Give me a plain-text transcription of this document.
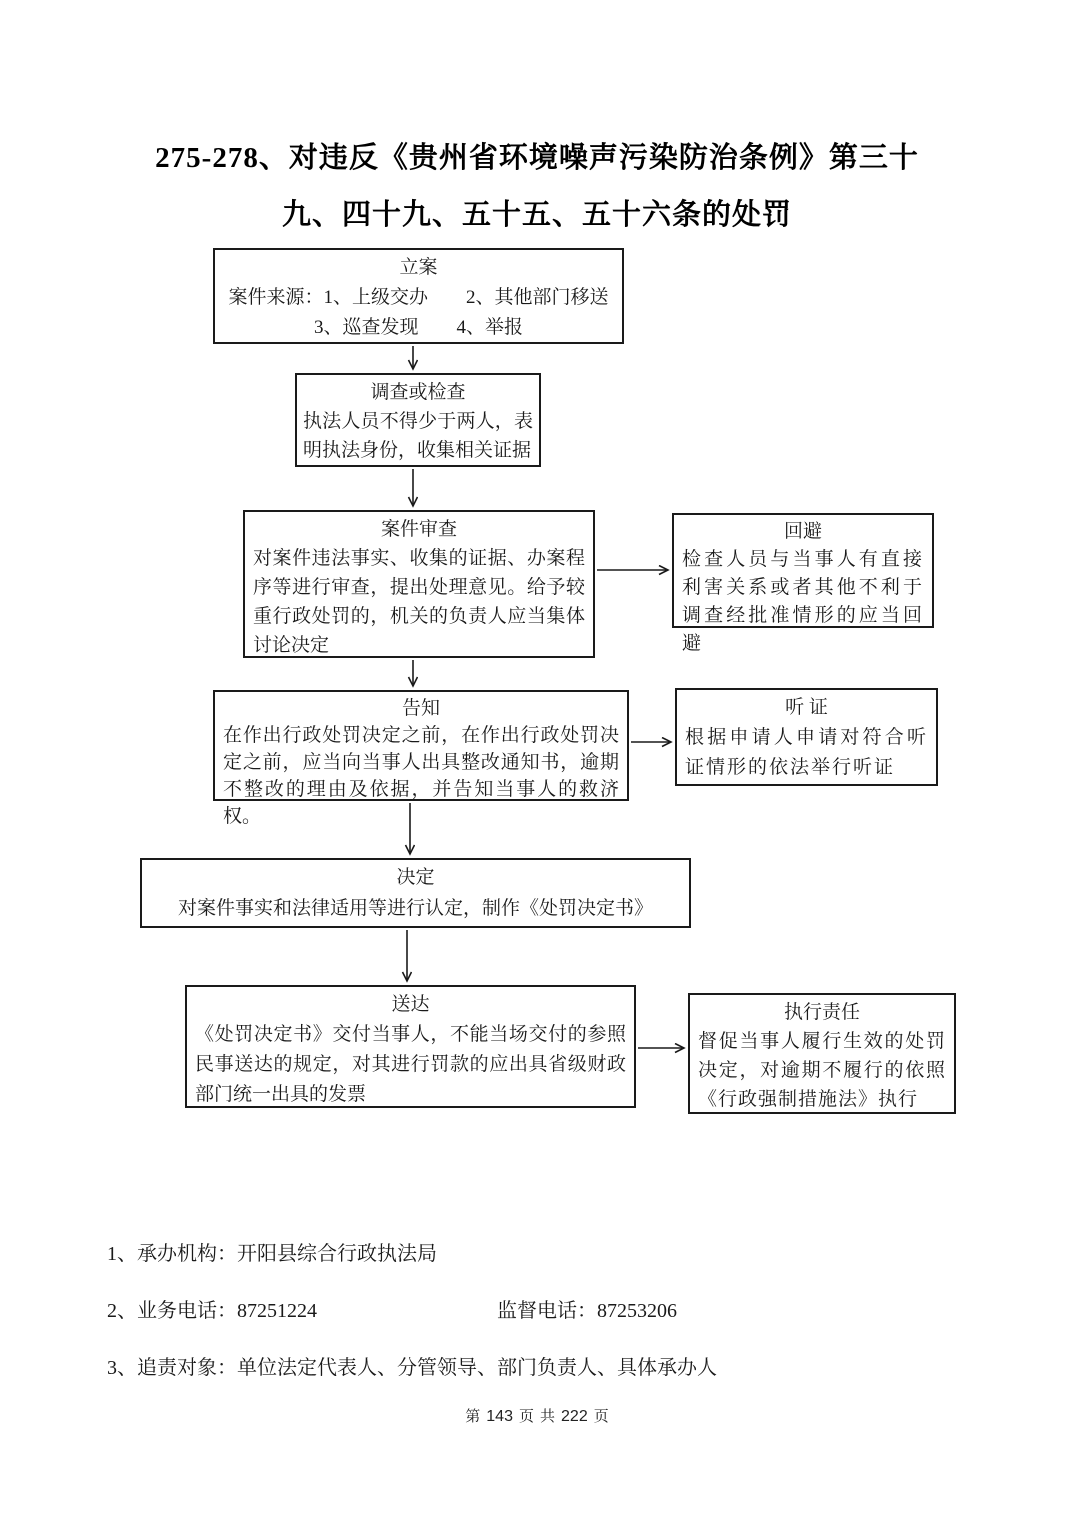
275-278、对违反《贵州省环境噪声污染防治条例》第三十
九、四十九、五十五、五十六条的处罚
立案
案件来源：1、上级交办　　2、其他部门移送
3、巡查发现　　4、举报
调查或检查
执法人员不得少于两人，表明执法身份，收集相关证据
案件审查
对案件违法事实、收集的证据、办案程序等进行审查，提出处理意见。给予较重行政处罚的，机关的负责人应当集体讨论决定
回避
检查人员与当事人有直接利害关系或者其他不利于调查经批准情形的应当回避
告知
在作出行政处罚决定之前，在作出行政处罚决定之前，应当向当事人出具整改通知书，逾期不整改的理由及依据，并告知当事人的救济权。
听 证
根据申请人申请对符合听证情形的依法举行听证
决定
对案件事实和法律适用等进行认定，制作《处罚决定书》
送达
《处罚决定书》交付当事人，不能当场交付的参照民事送达的规定，对其进行罚款的应出具省级财政部门统一出具的发票
执行责任
督促当事人履行生效的处罚决定，对逾期不履行的依照《行政强制措施法》执行
1、承办机构：开阳县综合行政执法局
2、业务电话：87251224	监督电话：87253206
3、追责对象：单位法定代表人、分管领导、部门负责人、具体承办人
第 143 页 共 222 页
